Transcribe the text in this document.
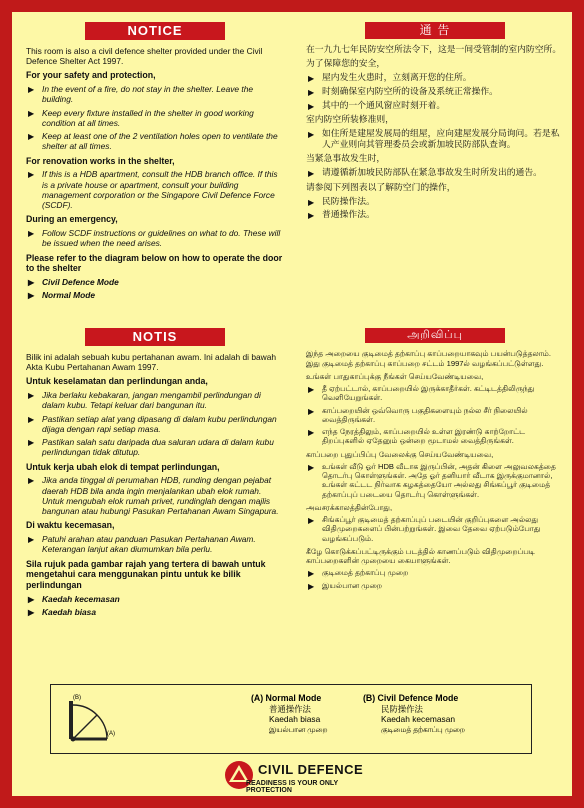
NOTICE

This room is also a civil defence shelter provided under the Civil Defence Shelter Act 1997.

For your safety and protection,
▶ In the event of a fire, do not stay in the shelter. Leave the building.
▶ Keep every fixture installed in the shelter in good working condition at all times.
▶ Keep at least one of the 2 ventilation holes open to ventilate the shelter at all times.
For renovation works in the shelter,
▶ If this is a HDB apartment, consult the HDB branch office. If this is a private house or apartment, consult your building management corporation or the Singapore Civil Defence Force (SCDF).
During an emergency,
▶ Follow SCDF instructions or guidelines on what to do. These will be issued when the need arises.
Please refer to the diagram below on how to operate the door to the shelter
▶ Civil Defence Mode
▶ Normal Mode
通 告

在一九九七年民防安空所法令下，这是一间受管制的室内防空所。

为了保障您的安全，
▶ 屋内发生火患时，立刻离开您的住所。
▶ 时刻确保室内防空所的设备及系统正常操作。
▶ 其中的一个通风窗应时刻开着。
室内防空所装修准则，
▶ 如住所是建屋发展局的组屋，应向建屋发展分局询问。若是私人产业则向其管理委员会或新加坡民防部队查询。
当紧急事故发生时，
▶ 请遵循新加坡民防部队在紧急事故发生时所发出的通告。
请参阅下列图表以了解防空门的操作，
▶ 民防操作法。
▶ 普通操作法。
NOTIS

Bilik ini adalah sebuah kubu pertahanan awam. Ini adalah di bawah Akta Kubu Pertahanan Awam 1997.

Untuk keselamatan dan perlindungan anda,
▶ Jika berlaku kebakaran, jangan mengambil perlindungan di dalam kubu. Tetapi keluar dari bangunan itu.
▶ Pastikan setiap alat yang dipasang di dalam kubu perlindungan dijaga dengan rapi setiap masa.
▶ Pastikan salah satu daripada dua saluran udara di dalam kubu perlindungan tidak ditutup.
Untuk kerja ubah elok di tempat perlindungan,
▶ Jika anda tinggal di perumahan HDB, runding dengan pejabat daerah HDB bila anda ingin menjalankan ubah elok rumah. Untuk mengubah elok rumah privet, rundinglah dengan majlis bangunan atau hubungi Pasukan Pertahanan Awam Singapura.
Di waktu kecemasan,
▶ Patuhi arahan atau panduan Pasukan Pertahanan Awam. Keterangan lanjut akan diumumkan bila perlu.
Sila rujuk pada gambar rajah yang tertera di bawah untuk mengetahui cara menggunakan pintu untuk ke bilik perlindungan
▶ Kaedah kecemasan
▶ Kaedah biasa
அறிவிப்பு

இந்த அறையை குடிமைத் தற்காப்பு காப்பறையாகவும் பயன்படுத்தலாம். இது குடிமைத் தற்காப்பு காப்பறை சட்டம் 1997ல் வழங்கப்பட்டுள்ளது.

உங்கள் பாதுகாப்புக்கு நீங்கள் செய்யவேண்டியவை,
▶ தீ ஏற்பட்டால், காப்பறையில் இருக்காதீர்கள். கட்டிடத்திலிருந்து வெளியேறுங்கள்.
▶ காப்பறையின் ஒவ்வொரு பகுதிகளையும் நல்ல சீர் நிலையில் வைத்திருங்கள்.
▶ எந்த நேரத்திலும், காப்பறையில் உள்ள இரண்டு காற்றோட்ட திறப்புகளில் ஏதேனும் ஒன்றை மூடாமல் வைத்திருங்கள்.
காப்பறை புதுப்பிப்பு வேலைக்கு செய்யவேண்டியவை,
▶ உங்கள் வீடு ஓர் HDB வீடாக இருப்பின், அதன் கிளை அலுவலகத்தை தொடர்பு கொள்ளுங்கள். அதே ஓர் தனியார் வீடாக இருக்குமானால், உங்கள் கட்டட நிர்வாக கழகத்தையோ அல்லது சிங்கப்பூர் குடிமைத் தற்காப்புப் படையை தொடர்பு கொள்ளுங்கள்.
அவசரக்காலத்தின்போது,
▶ சிங்கப்பூர் குடிமைத் தற்காப்புப் படையின் குறிப்புகளை அல்லது விதிமுறைகளைப் பின்பற்றுங்கள். இவை தேவை ஏற்படும்போது வழங்கப்படும்.
கீழே கொடுக்கப்பட்டிருக்கும் படத்தில் காணப்படும் விதிமுறைப்படி காப்பறைகளின் முறையை கையாளுங்கள்.
▶ குடிமைத் தற்காப்பு முறை
▶ இயல்பான முறை
(B)
(A)
(A) Normal Mode
普通操作法
Kaedah biasa
இயல்பான முறை
(B) Civil Defence Mode
民防操作法
Kaedah kecemasan
குடிமைத் தற்காப்பு முறை
CIVIL DEFENCE
READINESS IS YOUR ONLY PROTECTION
